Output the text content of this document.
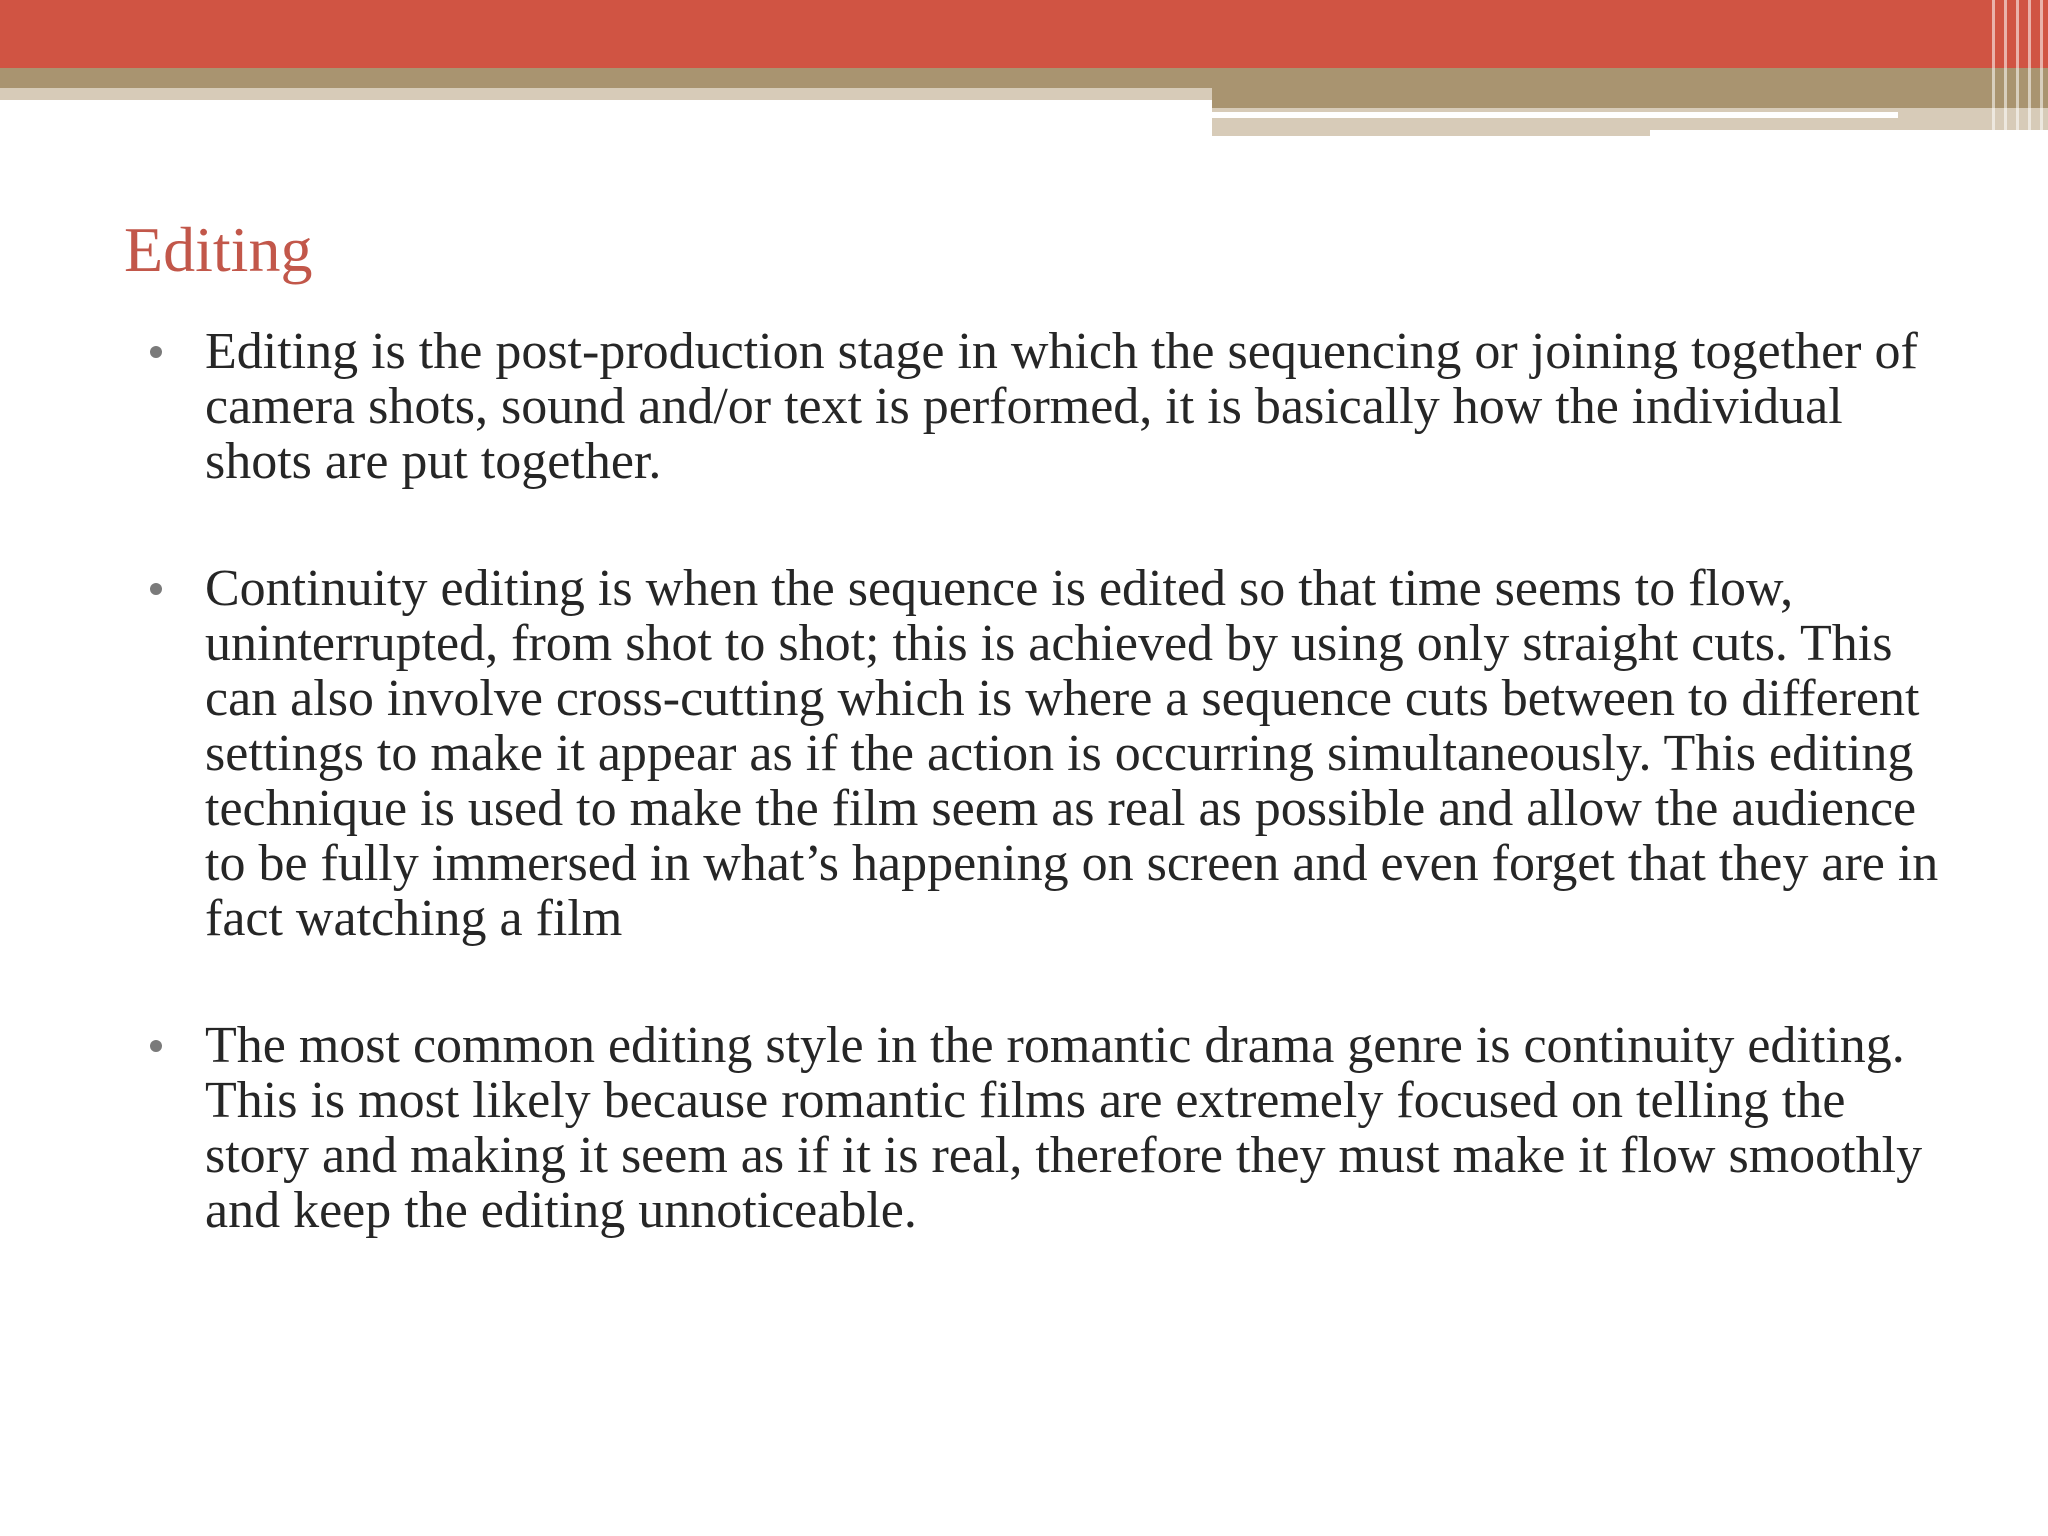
Editing
Editing is the post-production stage in which the sequencing or joining together of camera shots, sound and/or text is performed, it is basically how the individual shots are put together.
Continuity editing is when the sequence is edited so that time seems to flow, uninterrupted, from shot to shot; this is achieved by using only straight cuts. This can also involve cross-cutting which is where a sequence cuts between to different settings to make it appear as if the action is occurring simultaneously. This editing technique is used to make the film seem as real as possible and allow the audience to be fully immersed in what’s happening on screen and even forget that they are in fact watching a film
The most common editing style in the romantic drama genre is continuity editing. This is most likely because romantic films are extremely focused on telling the story and making it seem as if it is real, therefore they must make it flow smoothly and keep the editing unnoticeable.
